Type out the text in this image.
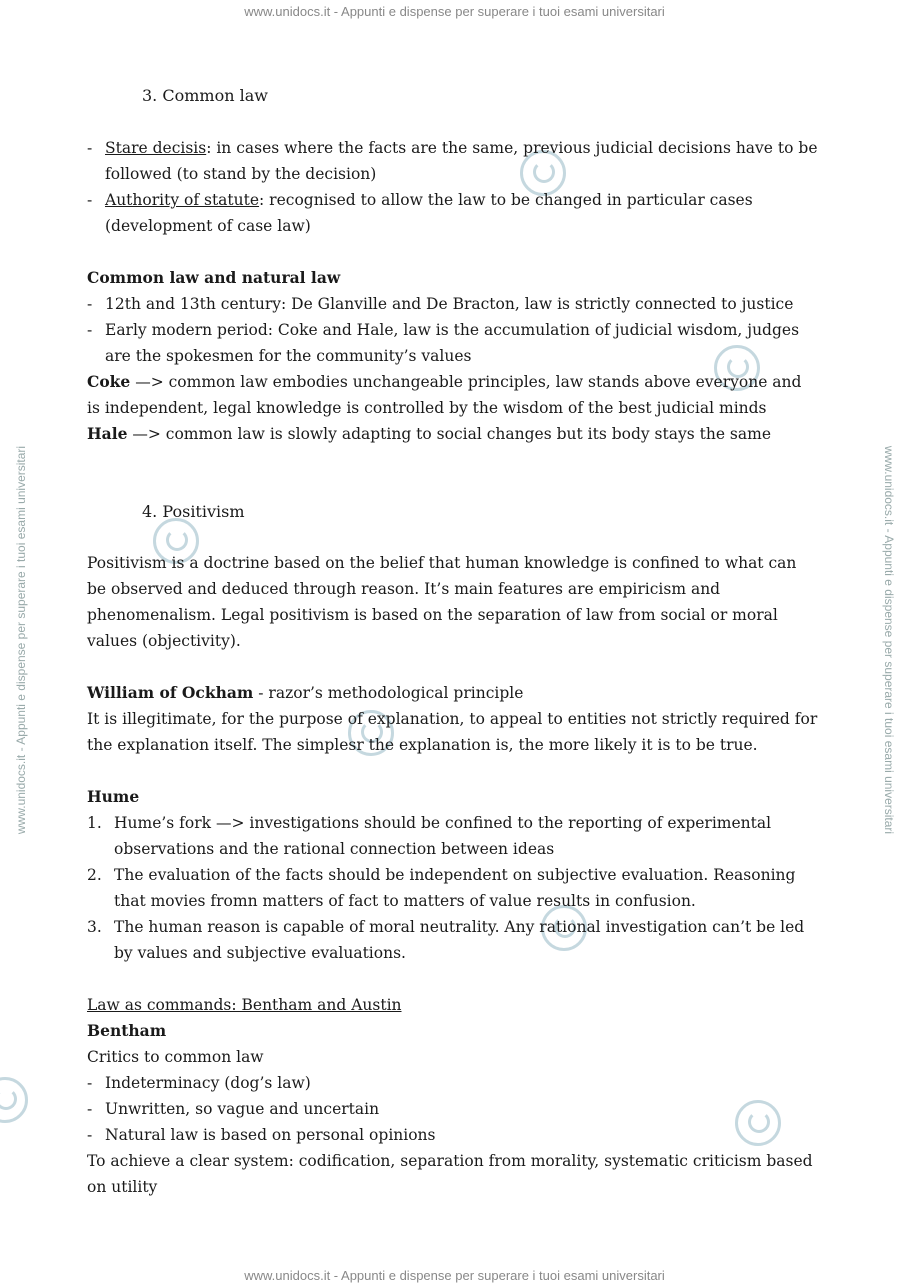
www.unidocs.it - Appunti e dispense per superare i tuoi esami universitari
www.unidocs.it - Appunti e dispense per superare i tuoi esami universitari	www.unidocs.it - Appunti e dispense per superare i tuoi esami universitari
3. Common law
- Stare decisis: in cases where the facts are the same, previous judicial decisions have to be
followed (to stand by the decision)
- Authority of statute: recognised to allow the law to be changed in particular cases
(development of case law)
Common law and natural law
- 12th and 13th century: De Glanville and De Bracton, law is strictly connected to justice
- Early modern period: Coke and Hale, law is the accumulation of judicial wisdom, judges
are the spokesmen for the community’s values
Coke —> common law embodies unchangeable principles, law stands above everyone and
is independent, legal knowledge is controlled by the wisdom of the best judicial minds
Hale —> common law is slowly adapting to social changes but its body stays the same
4. Positivism
Positivism is a doctrine based on the belief that human knowledge is confined to what can
be observed and deduced through reason. It’s main features are empiricism and
phenomenalism. Legal positivism is based on the separation of law from social or moral
values (objectivity).
William of Ockham - razor’s methodological principle
It is illegitimate, for the purpose of explanation, to appeal to entities not strictly required for
the explanation itself. The simplesr the explanation is, the more likely it is to be true.
Hume
1. Hume’s fork —> investigations should be confined to the reporting of experimental
observations and the rational connection between ideas
2. The evaluation of the facts should be independent on subjective evaluation. Reasoning
that movies fromn matters of fact to matters of value results in confusion.
3. The human reason is capable of moral neutrality. Any rational investigation can’t be led
by values and subjective evaluations.
Law as commands: Bentham and Austin
Bentham
Critics to common law
- Indeterminacy (dog’s law)
- Unwritten, so vague and uncertain
- Natural law is based on personal opinions
To achieve a clear system: codification, separation from morality, systematic criticism based
on utility
www.unidocs.it - Appunti e dispense per superare i tuoi esami universitari
